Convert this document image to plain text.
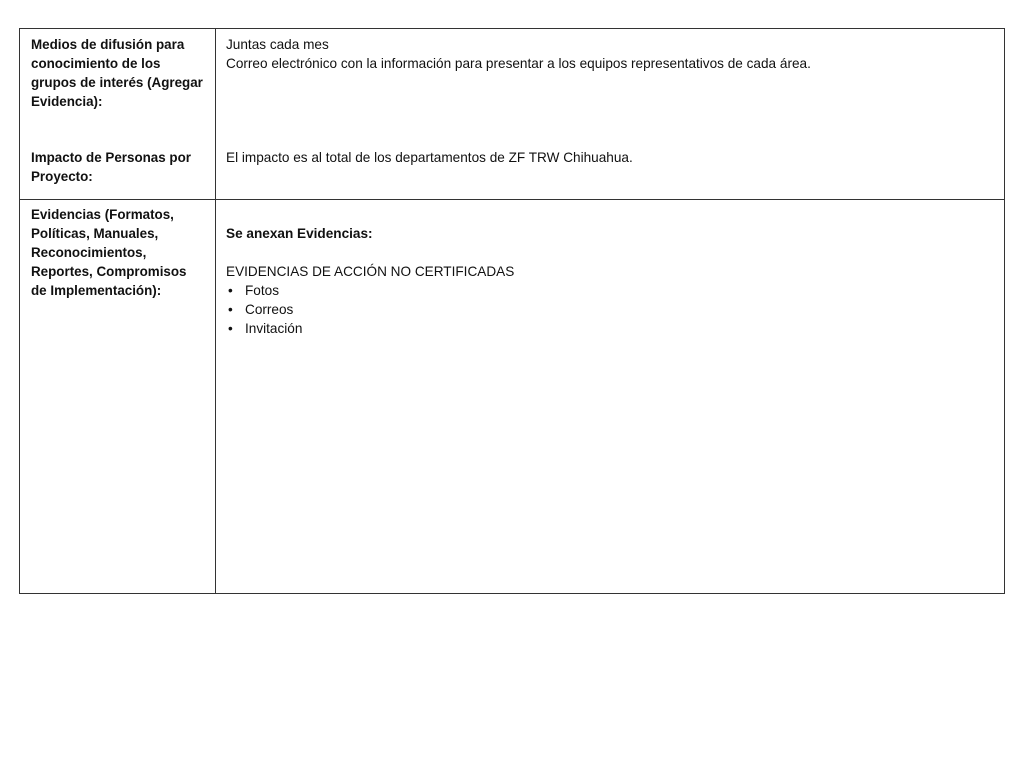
Medios de difusión para

conocimiento de los

grupos de interés (Agregar

Evidencia):

Impacto de Personas por

Proyecto:

Juntas cada mes

Correo electrónico con la información para presentar a los equipos representativos de cada área.

El impacto es al total de los departamentos de ZF TRW Chihuahua.

Evidencias (Formatos,

Políticas, Manuales,

Reconocimientos,

Reportes, Compromisos

de Implementación):

Se anexan Evidencias:

EVIDENCIAS DE ACCIÓN NO CERTIFICADAS

• Fotos
• Correos
• Invitación
